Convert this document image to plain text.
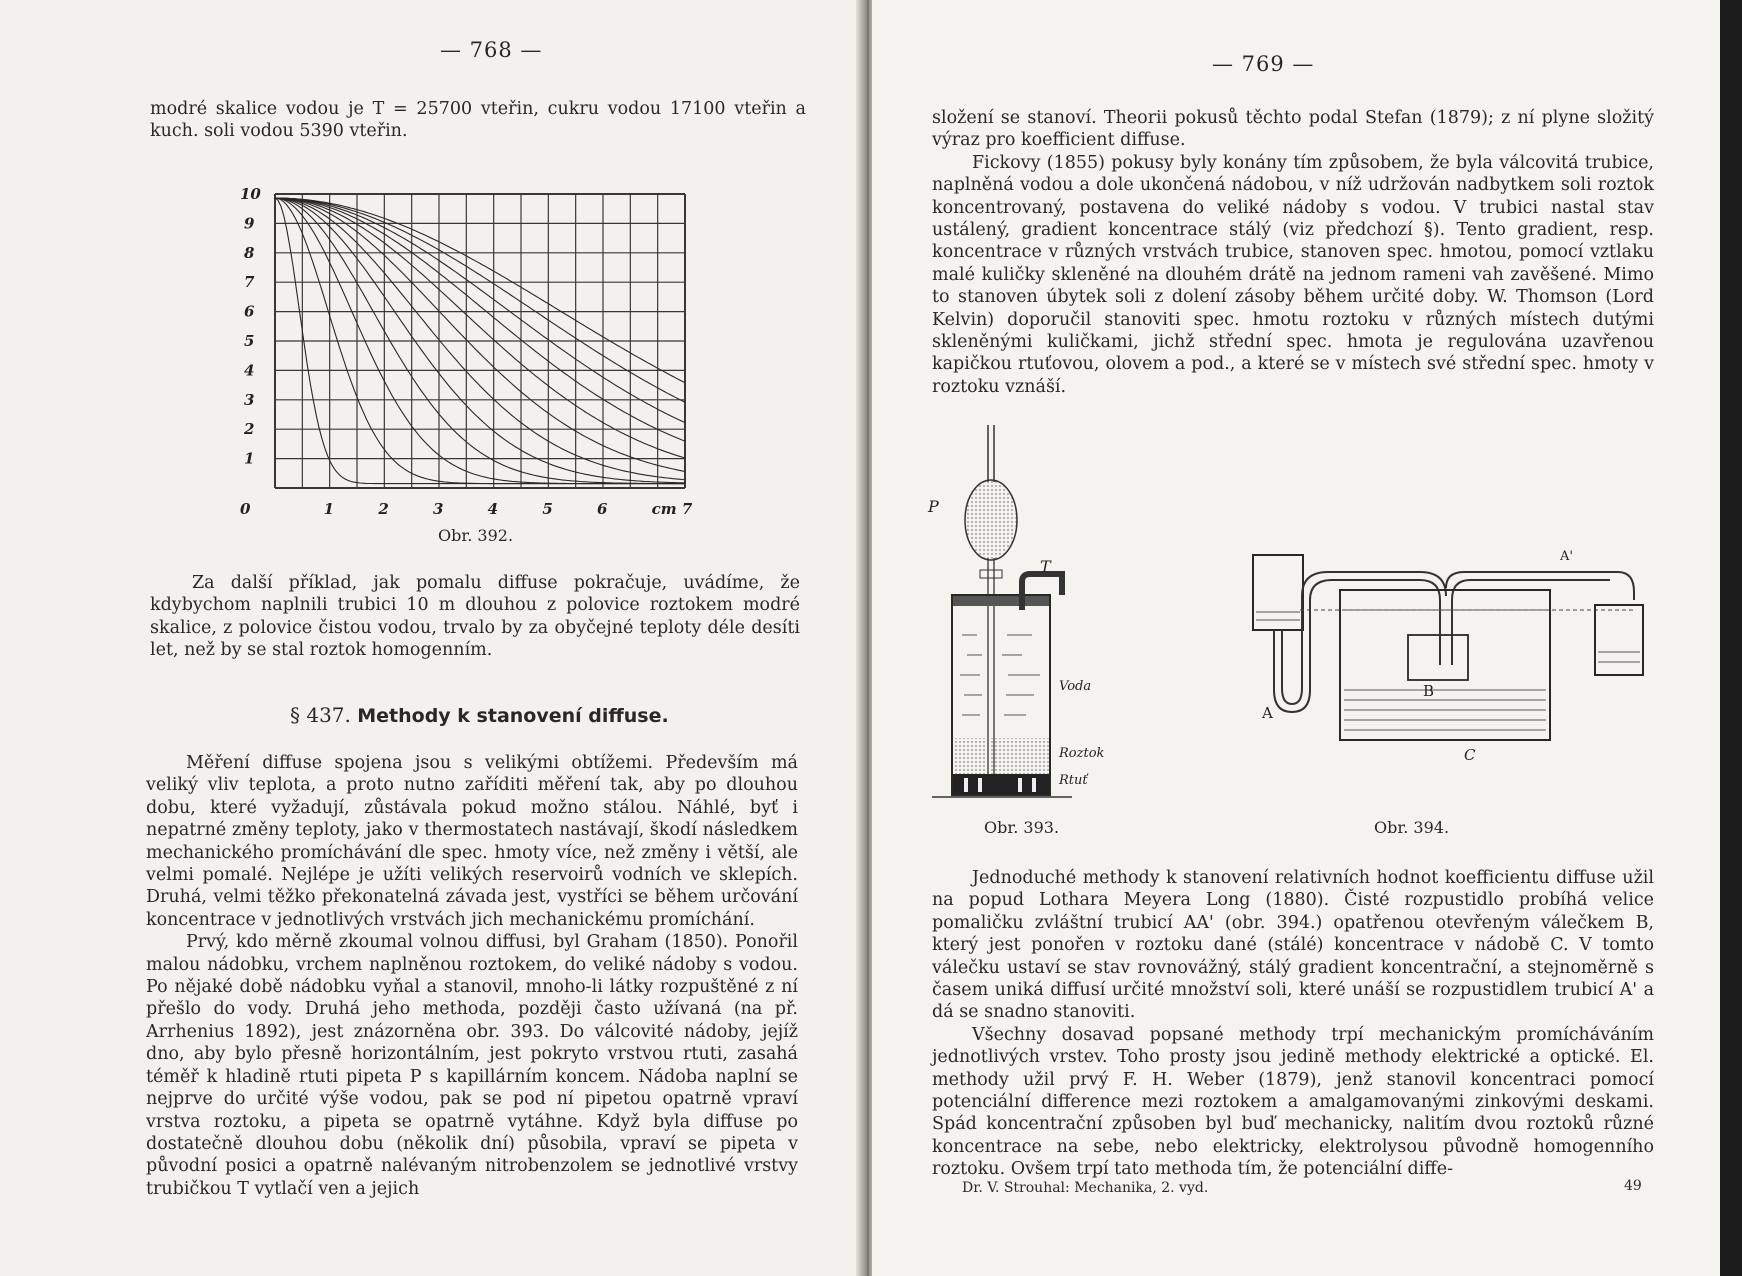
— 768 —
modré skalice vodou je T = 25700 vteřin, cukru vodou 17100 vteřin a
kuch. soli vodou 5390 vteřin.
10
9
8
7
6
5
4
3
2
1
0	1	2	3	4	5	6	cm 7
Obr. 392.

Za další příklad, jak pomalu diffuse pokračuje, uvádíme, že kdybychom naplnili trubici 10 m dlouhou z polovice roztokem modré skalice, z polovice čistou vodou, trvalo by za obyčejné teploty déle desíti let, než by se stal roztok homogenním.

§ 437. Methody k stanovení diffuse.

Měření diffuse spojena jsou s velikými obtížemi. Především má veliký vliv teplota, a proto nutno zaříditi měření tak, aby po dlouhou dobu, které vyžadují, zůstávala pokud možno stálou. Náhlé, byť i nepatrné změny teploty, jako v thermostatech nastávají, škodí následkem mechanického promíchávání dle spec. hmoty více, než změny i větší, ale velmi pomalé. Nejlépe je užíti velikých reservoirů vodních ve sklepích. Druhá, velmi těžko překonatelná závada jest, vystříci se během určování koncentrace v jednotlivých vrstvách jich mechanickému promíchání.

Prvý, kdo měrně zkoumal volnou diffusi, byl Graham (1850). Ponořil malou nádobku, vrchem naplněnou roztokem, do veliké nádoby s vodou. Po nějaké době nádobku vyňal a stanovil, mnoho-li látky rozpuštěné z ní přešlo do vody. Druhá jeho methoda, později často užívaná (na př. Arrhenius 1892), jest znázorněna obr. 393. Do válcovité nádoby, jejíž dno, aby bylo přesně horizontálním, jest pokryto vrstvou rtuti, zasahá téměř k hladině rtuti pipeta P s kapillárním koncem. Nádoba naplní se nejprve do určité výše vodou, pak se pod ní pipetou opatrně vpraví vrstva roztoku, a pipeta se opatrně vytáhne. Když byla diffuse po dostatečně dlouhou dobu (několik dní) působila, vpraví se pipeta v původní posici a opatrně nalévaným nitrobenzolem se jednotlivé vrstvy trubičkou T vytlačí ven a jejich

— 769 —

složení se stanoví. Theorii pokusů těchto podal Stefan (1879); z ní plyne složitý výraz pro koefficient diffuse.

Fickovy (1855) pokusy byly konány tím způsobem, že byla válcovitá trubice, naplněná vodou a dole ukončená nádobou, v níž udržován nadbytkem soli roztok koncentrovaný, postavena do veliké nádoby s vodou. V trubici nastal stav ustálený, gradient koncentrace stálý (viz předchozí §). Tento gradient, resp. koncentrace v různých vrstvách trubice, stanoven spec. hmotou, pomocí vztlaku malé kuličky skleněné na dlouhém drátě na jednom rameni vah zavěšené. Mimo to stanoven úbytek soli z dolení zásoby během určité doby. W. Thomson (Lord Kelvin) doporučil stanoviti spec. hmotu roztoku v různých místech dutými skleněnými kuličkami, jichž střední spec. hmota je regulována uzavřenou kapičkou rtuťovou, olovem a pod., a které se v místech své střední spec. hmoty v roztoku vznáší.

P
T
Voda
Roztok
Rtuť
Obr. 393.
A
B
C
A'
Obr. 394.

Jednoduché methody k stanovení relativních hodnot koefficientu diffuse užil na popud Lothara Meyera Long (1880). Čisté rozpustidlo probíhá velice pomaličku zvláštní trubicí AA' (obr. 394.) opatřenou otevřeným válečkem B, který jest ponořen v roztoku dané (stálé) koncentrace v nádobě C. V tomto válečku ustaví se stav rovnovážný, stálý gradient koncentrační, a stejnoměrně s časem uniká diffusí určité množství soli, které unáší se rozpustidlem trubicí A' a dá se snadno stanoviti.

Všechny dosavad popsané methody trpí mechanickým promícháváním jednotlivých vrstev. Toho prosty jsou jedině methody elektrické a optické. El. methody užil prvý F. H. Weber (1879), jenž stanovil koncentraci pomocí potenciální difference mezi roztokem a amalgamovanými zinkovými deskami. Spád koncentrační způsoben byl buď mechanicky, nalitím dvou roztoků různé koncentrace na sebe, nebo elektricky, elektrolysou původně homogenního roztoku. Ovšem trpí tato methoda tím, že potenciální diffe-

Dr. V. Strouhal: Mechanika, 2. vyd.	49
